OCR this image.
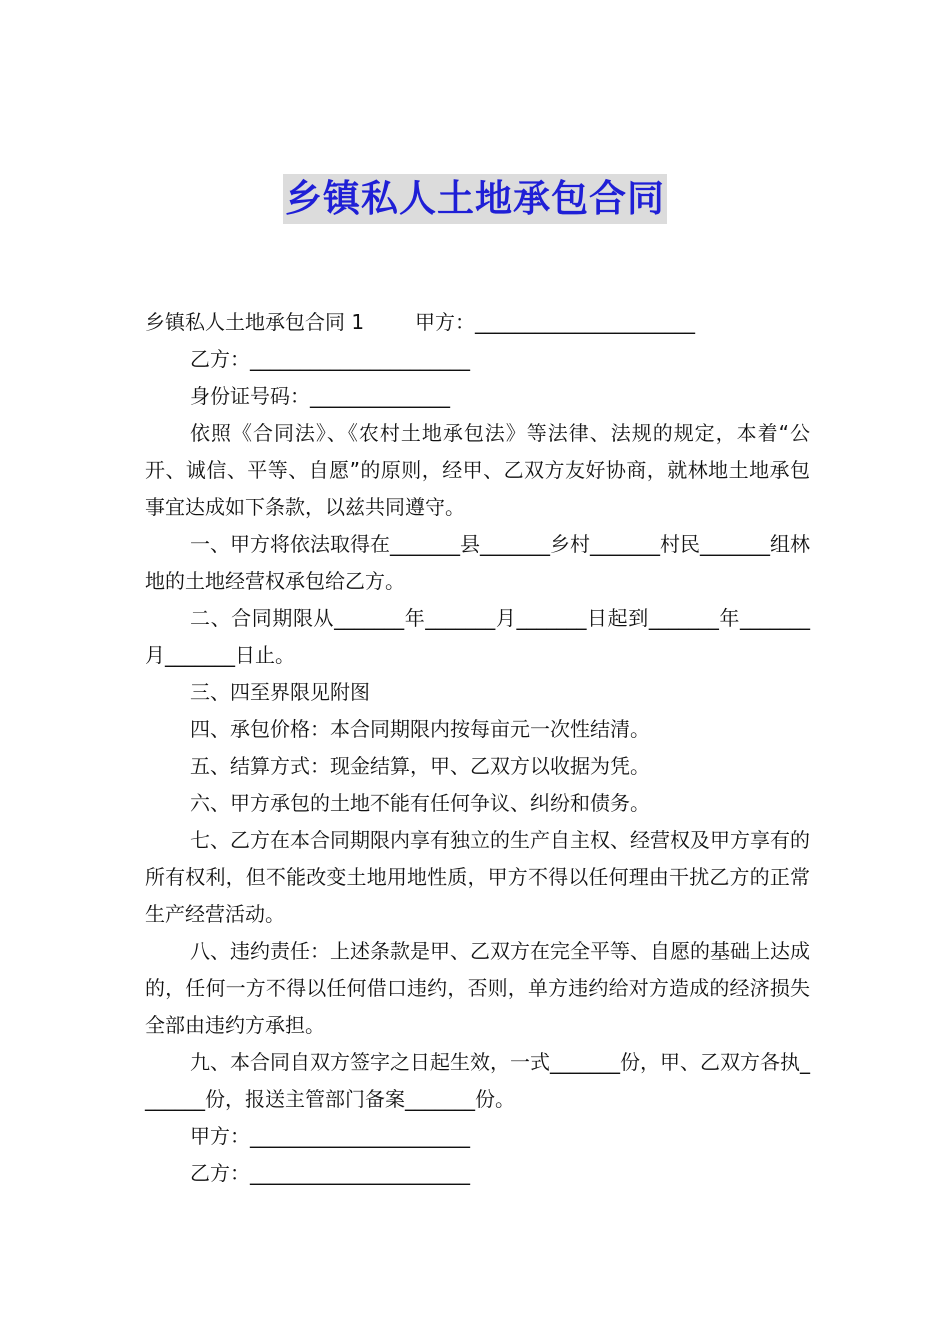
乡镇私人土地承包合同

乡镇私人土地承包合同 1        甲方：______________________

乙方：______________________

身份证号码：______________

依照《合同法》、《农村土地承包法》等法律、法规的规定，本着“公开、诚信、平等、自愿”的原则，经甲、乙双方友好协商，就林地土地承包事宜达成如下条款，以兹共同遵守。

一、甲方将依法取得在_______县_______乡村_______村民_______组林地的土地经营权承包给乙方。

二、合同期限从_______年_______月_______日起到_______年_______月_______日止。

三、四至界限见附图

四、承包价格：本合同期限内按每亩元一次性结清。

五、结算方式：现金结算，甲、乙双方以收据为凭。

六、甲方承包的土地不能有任何争议、纠纷和债务。

七、乙方在本合同期限内享有独立的生产自主权、经营权及甲方享有的所有权利，但不能改变土地用地性质，甲方不得以任何理由干扰乙方的正常生产经营活动。

八、违约责任：上述条款是甲、乙双方在完全平等、自愿的基础上达成的，任何一方不得以任何借口违约，否则，单方违约给对方造成的经济损失全部由违约方承担。

九、本合同自双方签字之日起生效，一式_______份，甲、乙双方各执_______份，报送主管部门备案_______份。

甲方：______________________

乙方：______________________
